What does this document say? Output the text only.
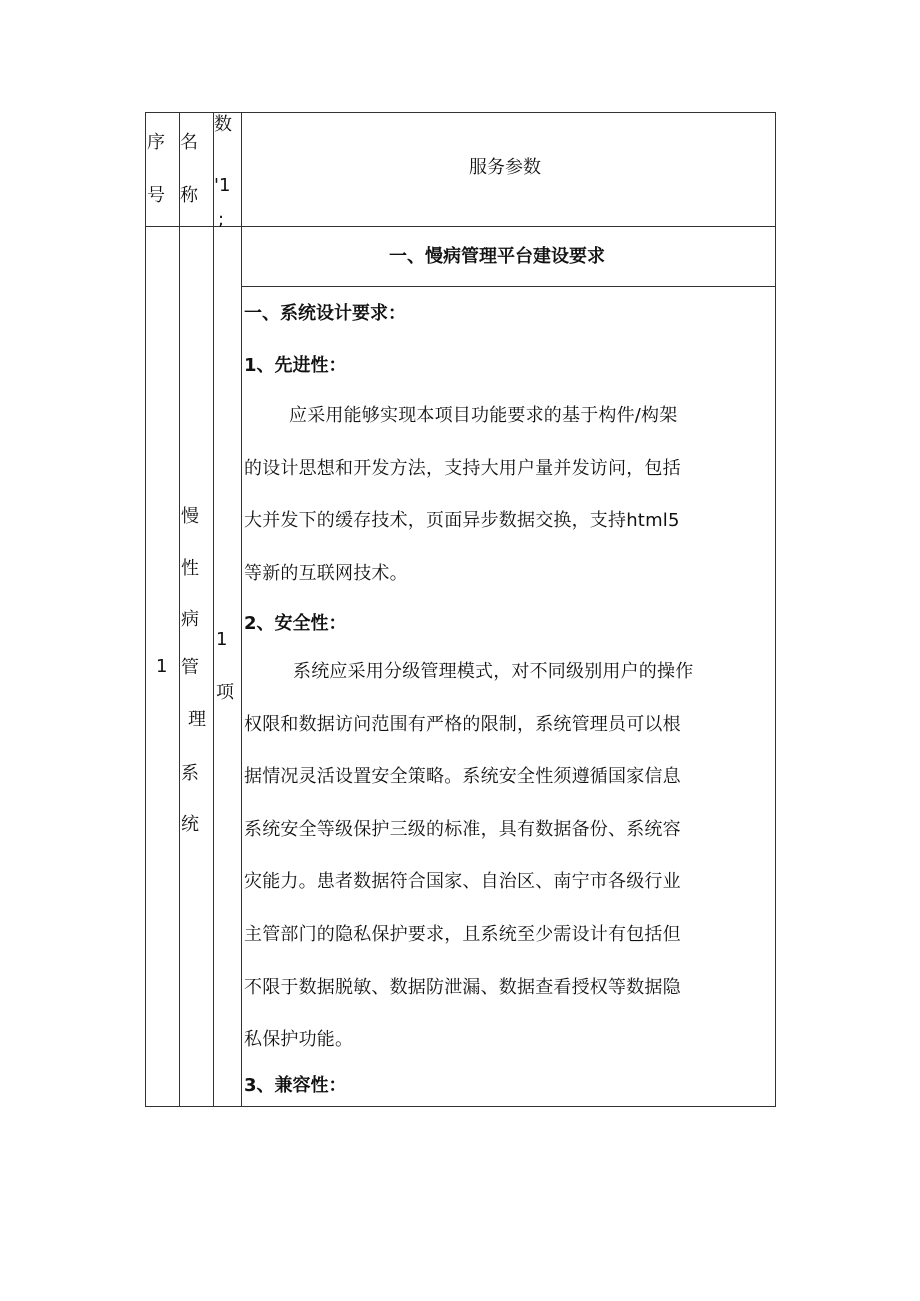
序
号
名
称
数
'1
;
服务参数
1
慢
性
病
管
理
系
统
1
项
一、慢病管理平台建设要求
一、系统设计要求：
1、先进性：
应采用能够实现本项目功能要求的基于构件/构架
的设计思想和开发方法，支持大用户量并发访问，包括
大并发下的缓存技术，页面异步数据交换，支持html5
等新的互联网技术。
2、安全性：
系统应采用分级管理模式，对不同级别用户的操作
权限和数据访问范围有严格的限制，系统管理员可以根
据情况灵活设置安全策略。系统安全性须遵循国家信息
系统安全等级保护三级的标准，具有数据备份、系统容
灾能力。患者数据符合国家、自治区、南宁市各级行业
主管部门的隐私保护要求，且系统至少需设计有包括但
不限于数据脱敏、数据防泄漏、数据查看授权等数据隐
私保护功能。
3、兼容性：
